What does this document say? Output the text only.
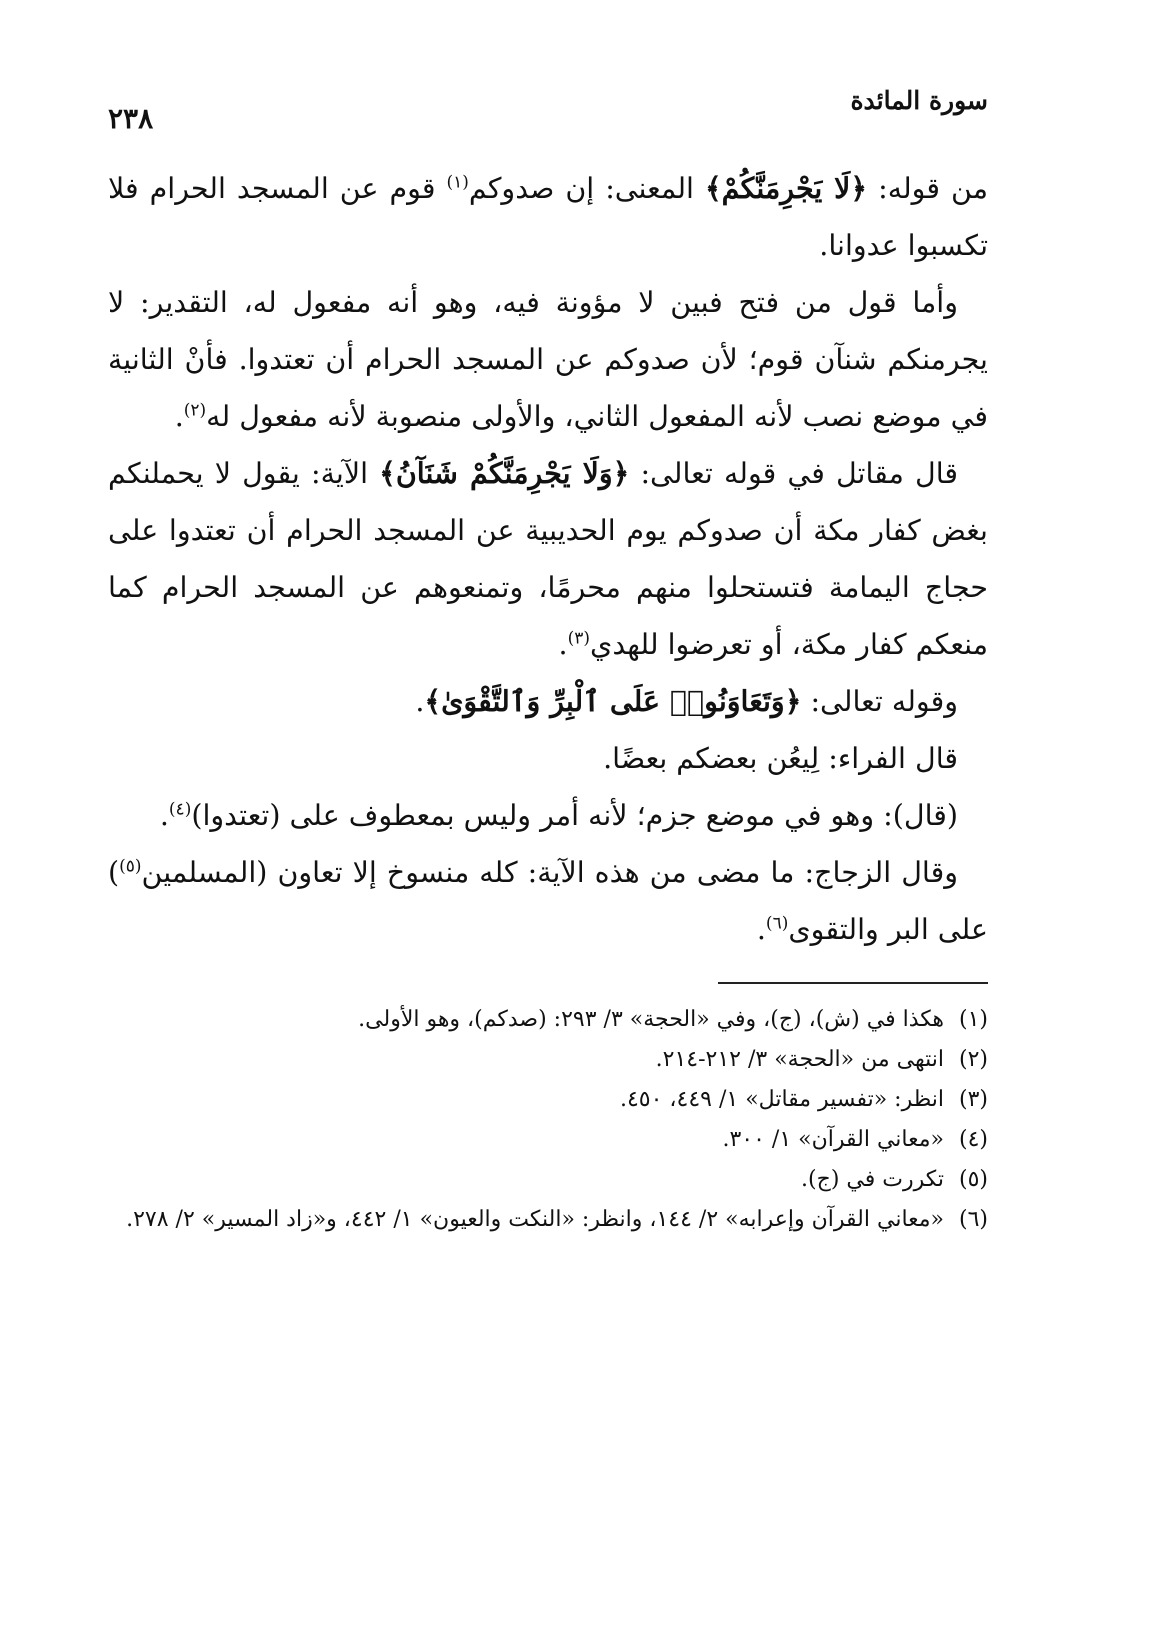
سورة المائدة
٢٣٨

من قوله: ﴿لَا يَجْرِمَنَّكُمْ﴾ المعنى: إن صدوكم$^{(١)}$ قوم عن المسجد الحرام فلا تكسبوا عدوانا.

وأما قول من فتح فبين لا مؤونة فيه، وهو أنه مفعول له، التقدير: لا يجرمنكم شنآن قوم؛ لأن صدوكم عن المسجد الحرام أن تعتدوا. فأنْ الثانية في موضع نصب لأنه المفعول الثاني، والأولى منصوبة لأنه مفعول له$^{(٢)}$.

قال مقاتل في قوله تعالى: ﴿وَلَا يَجْرِمَنَّكُمْ شَنَآنُ﴾ الآية: يقول لا يحملنكم بغض كفار مكة أن صدوكم يوم الحديبية عن المسجد الحرام أن تعتدوا على حجاج اليمامة فتستحلوا منهم محرمًا، وتمنعوهم عن المسجد الحرام كما منعكم كفار مكة، أو تعرضوا للهدي$^{(٣)}$.

وقوله تعالى: ﴿وَتَعَاوَنُوا۟ عَلَى ٱلْبِرِّ وَٱلتَّقْوَىٰ﴾.

قال الفراء: لِيعُن بعضكم بعضًا.

(قال): وهو في موضع جزم؛ لأنه أمر وليس بمعطوف على (تعتدوا)$^{(٤)}$.

وقال الزجاج: ما مضى من هذه الآية: كله منسوخ إلا تعاون (المسلمين$^{(٥)}$) على البر والتقوى$^{(٦)}$.

(١)
هكذا في (ش)، (ج)، وفي «الحجة» ٣/ ٢٩٣: (صدكم)، وهو الأولى.
(٢)
انتهى من «الحجة» ٣/ ٢١٢-٢١٤.
(٣)
انظر: «تفسير مقاتل» ١/ ٤٤٩، ٤٥٠.
(٤)
«معاني القرآن» ١/ ٣٠٠.
(٥)
تكررت في (ج).
(٦)
«معاني القرآن وإعرابه» ٢/ ١٤٤، وانظر: «النكت والعيون» ١/ ٤٤٢، و«زاد المسير» ٢/ ٢٧٨.
